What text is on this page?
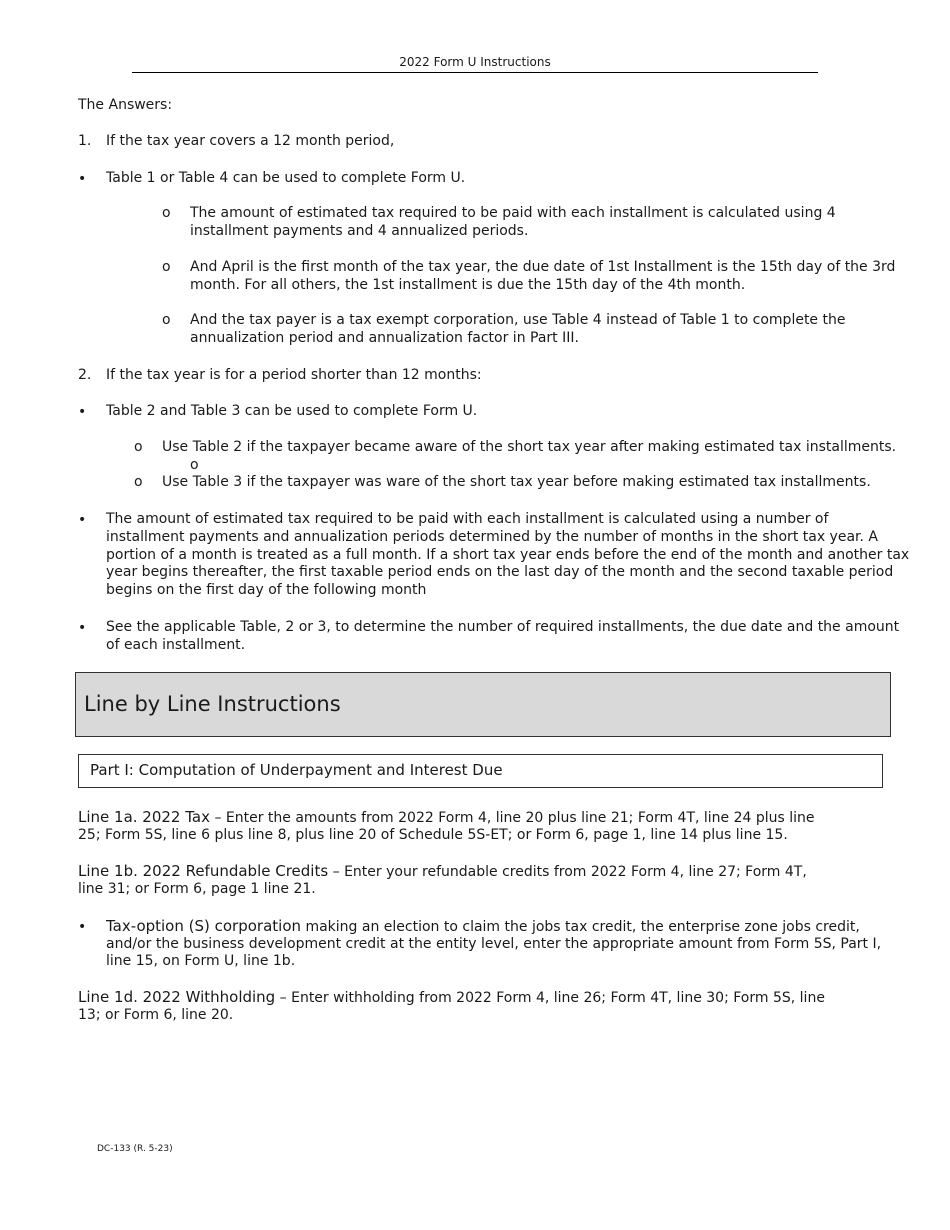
2022 Form U Instructions
The Answers:
1. If the tax year covers a 12 month period,
• Table 1 or Table 4 can be used to complete Form U.
o The amount of estimated tax required to be paid with each installment is calculated using 4
installment payments and 4 annualized periods.
o And April is the first month of the tax year, the due date of 1st Installment is the 15th day of the 3rd
month. For all others, the 1st installment is due the 15th day of the 4th month.
o And the tax payer is a tax exempt corporation, use Table 4 instead of Table 1 to complete the
annualization period and annualization factor in Part III.
2. If the tax year is for a period shorter than 12 months:
• Table 2 and Table 3 can be used to complete Form U.
o Use Table 2 if the taxpayer became aware of the short tax year after making estimated tax installments.
o
o Use Table 3 if the taxpayer was ware of the short tax year before making estimated tax installments.
• The amount of estimated tax required to be paid with each installment is calculated using a number of
installment payments and annualization periods determined by the number of months in the short tax year. A
portion of a month is treated as a full month. If a short tax year ends before the end of the month and another tax
year begins thereafter, the first taxable period ends on the last day of the month and the second taxable period
begins on the first day of the following month
• See the applicable Table, 2 or 3, to determine the number of required installments, the due date and the amount
of each installment.
Line by Line Instructions
Part I: Computation of Underpayment and Interest Due
Line 1a. 2022 Tax – Enter the amounts from 2022 Form 4, line 20 plus line 21; Form 4T, line 24 plus line
25; Form 5S, line 6 plus line 8, plus line 20 of Schedule 5S-ET; or Form 6, page 1, line 14 plus line 15.
Line 1b. 2022 Refundable Credits – Enter your refundable credits from 2022 Form 4, line 27; Form 4T,
line 31; or Form 6, page 1 line 21.
• Tax-option (S) corporation making an election to claim the jobs tax credit, the enterprise zone jobs credit,
and/or the business development credit at the entity level, enter the appropriate amount from Form 5S, Part I,
line 15, on Form U, line 1b.
Line 1d. 2022 Withholding – Enter withholding from 2022 Form 4, line 26; Form 4T, line 30; Form 5S, line
13; or Form 6, line 20.
DC-133 (R. 5-23)
